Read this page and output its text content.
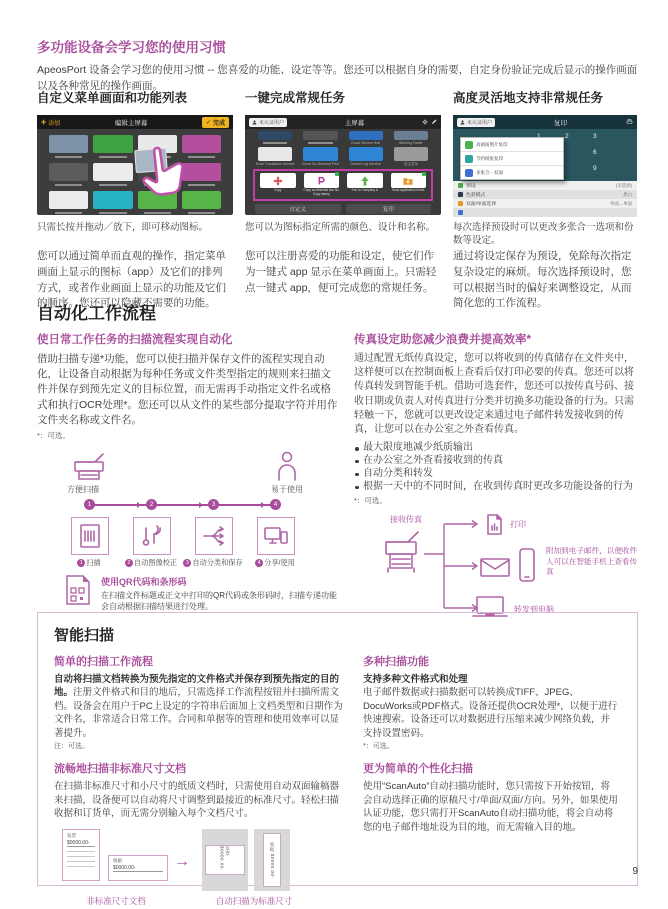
多功能设备会学习您的使用习惯

ApeosPort 设备会学习您的使用习惯 -- 您喜爱的功能、设定等等。您还可以根据自身的需要，自定身份验证完成后显示的操作画面以及各种常见的操作画面。

自定义菜单画面和功能列表
+ 添加	编辑主屏幕	✓ 完成

只需长按并拖动／放下，即可移动图标。

您可以通过简单而直观的操作，指定菜单画面上显示的图标（app）及它们的排列方式，或者作业画面上显示的功能及它们的顺序。您还可以隐藏不需要的功能。

一键完成常规任务
未认证用户	主屏幕
Cloud Service Hub	Working Folder
Scan Translation Service	Cloud On-Demand Print	Device Log Service	设定菜单
Copy	Copy confidential doc No Copy stamp
Fax to Company A	Scan application forms
自定义	复印

您可以为图标指定所需的颜色、设计和名称。

您可以注册喜爱的功能和设定，使它们作为一键式 app 显示在菜单画面上。只需轻点一键式 app，便可完成您的常规任务。

高度灵活地支持非常规任务
未认证用户	复印
2	3
6
9
高画质照片复印
节约纸张复印
多张合一双面
预设	(未选择)
色彩模式	黑白
双面/单面选择	单面→单面

每次选择预设时可以更改多张合一选项和份数等设定。

通过将设定保存为预设，免除每次指定复杂设定的麻烦。每次选择预设时，您可以根据当时的偏好来调整设定，从而简化您的工作流程。

自动化工作流程
使日常工作任务的扫描流程实现自动化

借助扫描专递*功能，您可以使扫描并保存文件的流程实现自动化，让设备自动根据为每种任务或文件类型指定的规则来扫描文件并保存到预先定义的目标位置，而无需再手动指定文件名或格式和执行OCR处理*。您还可以从文件的某些部分提取字符并用作文件夹名称或文件名。

*：可选。

方便扫描	易于使用
1	2	3	4
1 扫描	2 自动图像校正	3 自动分类和保存	4 分享/使用
使用QR代码和条形码
在扫描文件标题或正文中打印的QR代码或条形码时，扫描专递功能会自动根据扫描结果进行处理。
传真设定助您减少浪费并提高效率*

通过配置无纸传真设定，您可以将收到的传真储存在文件夹中，这样便可以在控制面板上查看后仅打印必要的传真。您还可以将传真转发到智能手机。借助可选套件，您还可以按传真号码、接收日期或负责人对传真进行分类并切换多功能设备的行为。只需轻触一下，您就可以更改设定来通过电子邮件转发接收到的传真，让您可以在办公室之外查看传真。

最大限度地减少纸质输出
在办公室之外查看接收到的传真
自动分类和转发
根据一天中的不同时间，在收到传真时更改多功能设备的行为

*：可选。

接收传真
打印
附加到电子邮件，以便收件人可以在智能手机上查看传真
转发到电脑
智能扫描
简单的扫描工作流程

自动将扫描文档转换为预先指定的文件格式并保存到预先指定的目的地。注册文件格式和目的地后，只需选择工作流程按钮并扫描所需文档。设备会在用户于PC上设定的字符串后面加上文档类型和日期作为文件名，非常适合日常工作。合同和单据等的管理和使用效率可以显著提升。

注：可选。

流畅地扫描非标准尺寸文档

在扫描非标准尺寸和小尺寸的纸质文档时，只需使用自动双面输稿器来扫描，设备便可以自动将尺寸调整到最接近的标准尺寸。轻松扫描收据和订货单，而无需分别输入每个文档尺寸。

发票
$0000.00-
收据
$0000.00-	→
发票 $0000.00-	收据 $0000.00-
非标准尺寸文档	自动扫描为标准尺寸
多种扫描功能

支持多种文件格式和处理

电子邮件数据或扫描数据可以转换成TIFF、JPEG、DocuWorks或PDF格式。设备还提供OCR处理*，以便于进行快速搜索。设备还可以对数据进行压缩来减少网络负载，并支持设置密码。

*：可选。

更为简单的个性化扫描

使用“ScanAuto”自动扫描功能时，您只需按下开始按钮，将会自动选择正确的原稿尺寸/单面/双面/方向。另外，如果使用认证功能，您只需打开ScanAuto自动扫描功能，将会自动将您的电子邮件地址设为目的地，而无需输入目的地。

9
